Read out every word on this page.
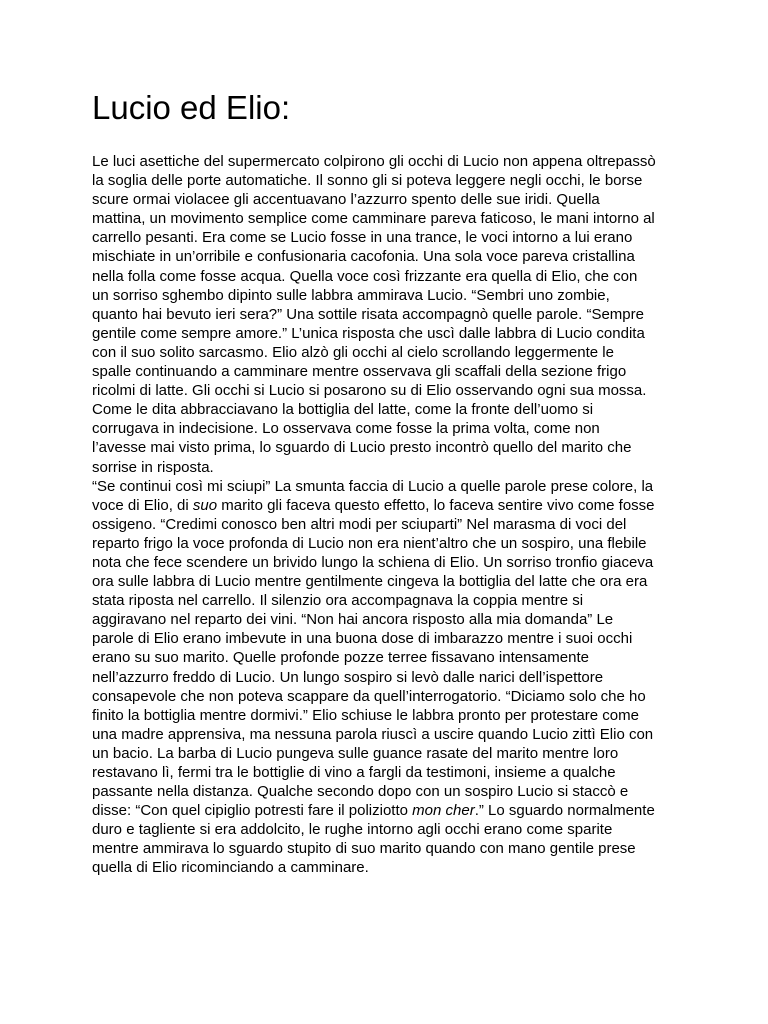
Lucio ed Elio:
Le luci asettiche del supermercato colpirono gli occhi di Lucio non appena oltrepassò
la soglia delle porte automatiche. Il sonno gli si poteva leggere negli occhi, le borse
scure ormai violacee gli accentuavano l’azzurro spento delle sue iridi. Quella
mattina, un movimento semplice come camminare pareva faticoso, le mani intorno al
carrello pesanti. Era come se Lucio fosse in una trance, le voci intorno a lui erano
mischiate in un’orribile e confusionaria cacofonia. Una sola voce pareva cristallina
nella folla come fosse acqua. Quella voce così frizzante era quella di Elio, che con
un sorriso sghembo dipinto sulle labbra ammirava Lucio. “Sembri uno zombie,
quanto hai bevuto ieri sera?” Una sottile risata accompagnò quelle parole. “Sempre
gentile come sempre amore.” L’unica risposta che uscì dalle labbra di Lucio condita
con il suo solito sarcasmo. Elio alzò gli occhi al cielo scrollando leggermente le
spalle continuando a camminare mentre osservava gli scaffali della sezione frigo
ricolmi di latte. Gli occhi si Lucio si posarono su di Elio osservando ogni sua mossa.
Come le dita abbracciavano la bottiglia del latte, come la fronte dell’uomo si
corrugava in indecisione. Lo osservava come fosse la prima volta, come non
l’avesse mai visto prima, lo sguardo di Lucio presto incontrò quello del marito che
sorrise in risposta.
“Se continui così mi sciupi” La smunta faccia di Lucio a quelle parole prese colore, la
voce di Elio, di suo marito gli faceva questo effetto, lo faceva sentire vivo come fosse
ossigeno. “Credimi conosco ben altri modi per sciuparti” Nel marasma di voci del
reparto frigo la voce profonda di Lucio non era nient’altro che un sospiro, una flebile
nota che fece scendere un brivido lungo la schiena di Elio. Un sorriso tronfio giaceva
ora sulle labbra di Lucio mentre gentilmente cingeva la bottiglia del latte che ora era
stata riposta nel carrello. Il silenzio ora accompagnava la coppia mentre si
aggiravano nel reparto dei vini. “Non hai ancora risposto alla mia domanda” Le
parole di Elio erano imbevute in una buona dose di imbarazzo mentre i suoi occhi
erano su suo marito. Quelle profonde pozze terree fissavano intensamente
nell’azzurro freddo di Lucio. Un lungo sospiro si levò dalle narici dell’ispettore
consapevole che non poteva scappare da quell’interrogatorio. “Diciamo solo che ho
finito la bottiglia mentre dormivi.” Elio schiuse le labbra pronto per protestare come
una madre apprensiva, ma nessuna parola riuscì a uscire quando Lucio zittì Elio con
un bacio. La barba di Lucio pungeva sulle guance rasate del marito mentre loro
restavano lì, fermi tra le bottiglie di vino a fargli da testimoni, insieme a qualche
passante nella distanza. Qualche secondo dopo con un sospiro Lucio si staccò e
disse: “Con quel cipiglio potresti fare il poliziotto mon cher.” Lo sguardo normalmente
duro e tagliente si era addolcito, le rughe intorno agli occhi erano come sparite
mentre ammirava lo sguardo stupito di suo marito quando con mano gentile prese
quella di Elio ricominciando a camminare.
